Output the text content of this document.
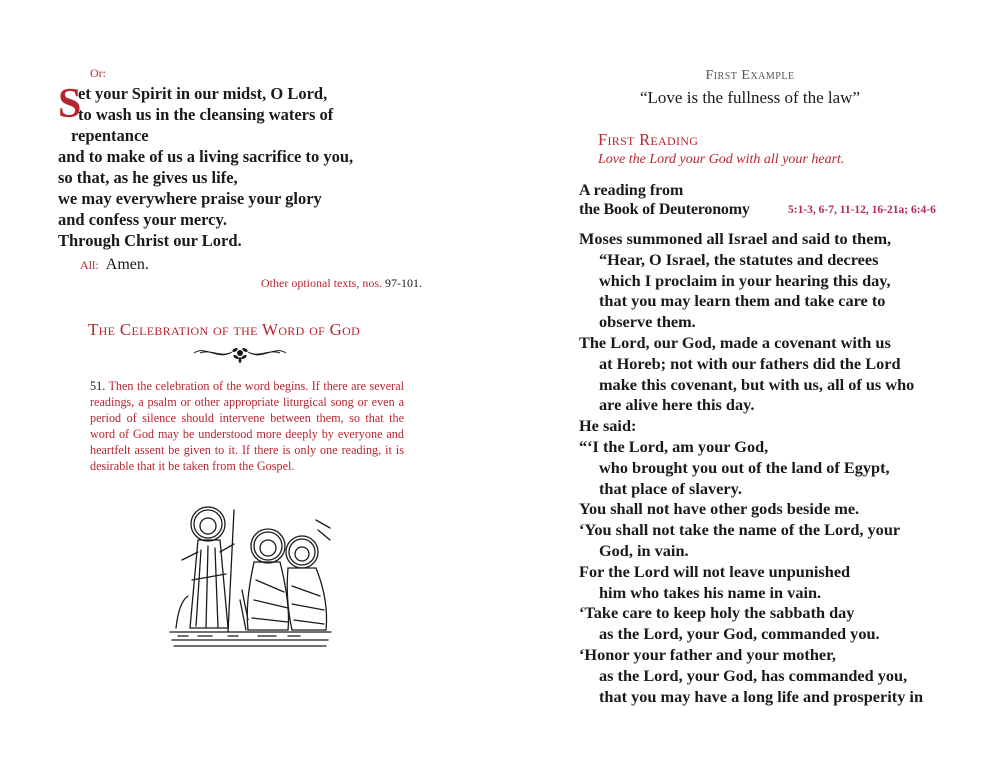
Or:
S
et your Spirit in our midst, O Lord,
to wash us in the cleansing waters of
repentance
and to make of us a living sacrifice to you,
so that, as he gives us life,
we may everywhere praise your glory
and confess your mercy.
Through Christ our Lord.
All: Amen.
Other optional texts, nos. 97-101.
The Celebration of the Word of God
51. Then the celebration of the word begins. If there are several readings, a psalm or other appropriate liturgical song or even a period of silence should intervene between them, so that the word of God may be understood more deeply by everyone and heartfelt assent be given to it. If there is only one reading, it is desirable that it be taken from the Gospel.
First Example
“Love is the fullness of the law”
First Reading
Love the Lord your God with all your heart.
A reading from
the Book of Deuteronomy	5:1-3, 6-7, 11-12, 16-21a; 6:4-6
Moses summoned all Israel and said to them,
“Hear, O Israel, the statutes and decrees
which I proclaim in your hearing this day,
that you may learn them and take care to
observe them.
The Lord, our God, made a covenant with us
at Horeb; not with our fathers did the Lord
make this covenant, but with us, all of us who
are alive here this day.
He said:
“‘I the Lord, am your God,
who brought you out of the land of Egypt,
that place of slavery.
You shall not have other gods beside me.
‘You shall not take the name of the Lord, your
God, in vain.
For the Lord will not leave unpunished
him who takes his name in vain.
‘Take care to keep holy the sabbath day
as the Lord, your God, commanded you.
‘Honor your father and your mother,
as the Lord, your God, has commanded you,
that you may have a long life and prosperity in
